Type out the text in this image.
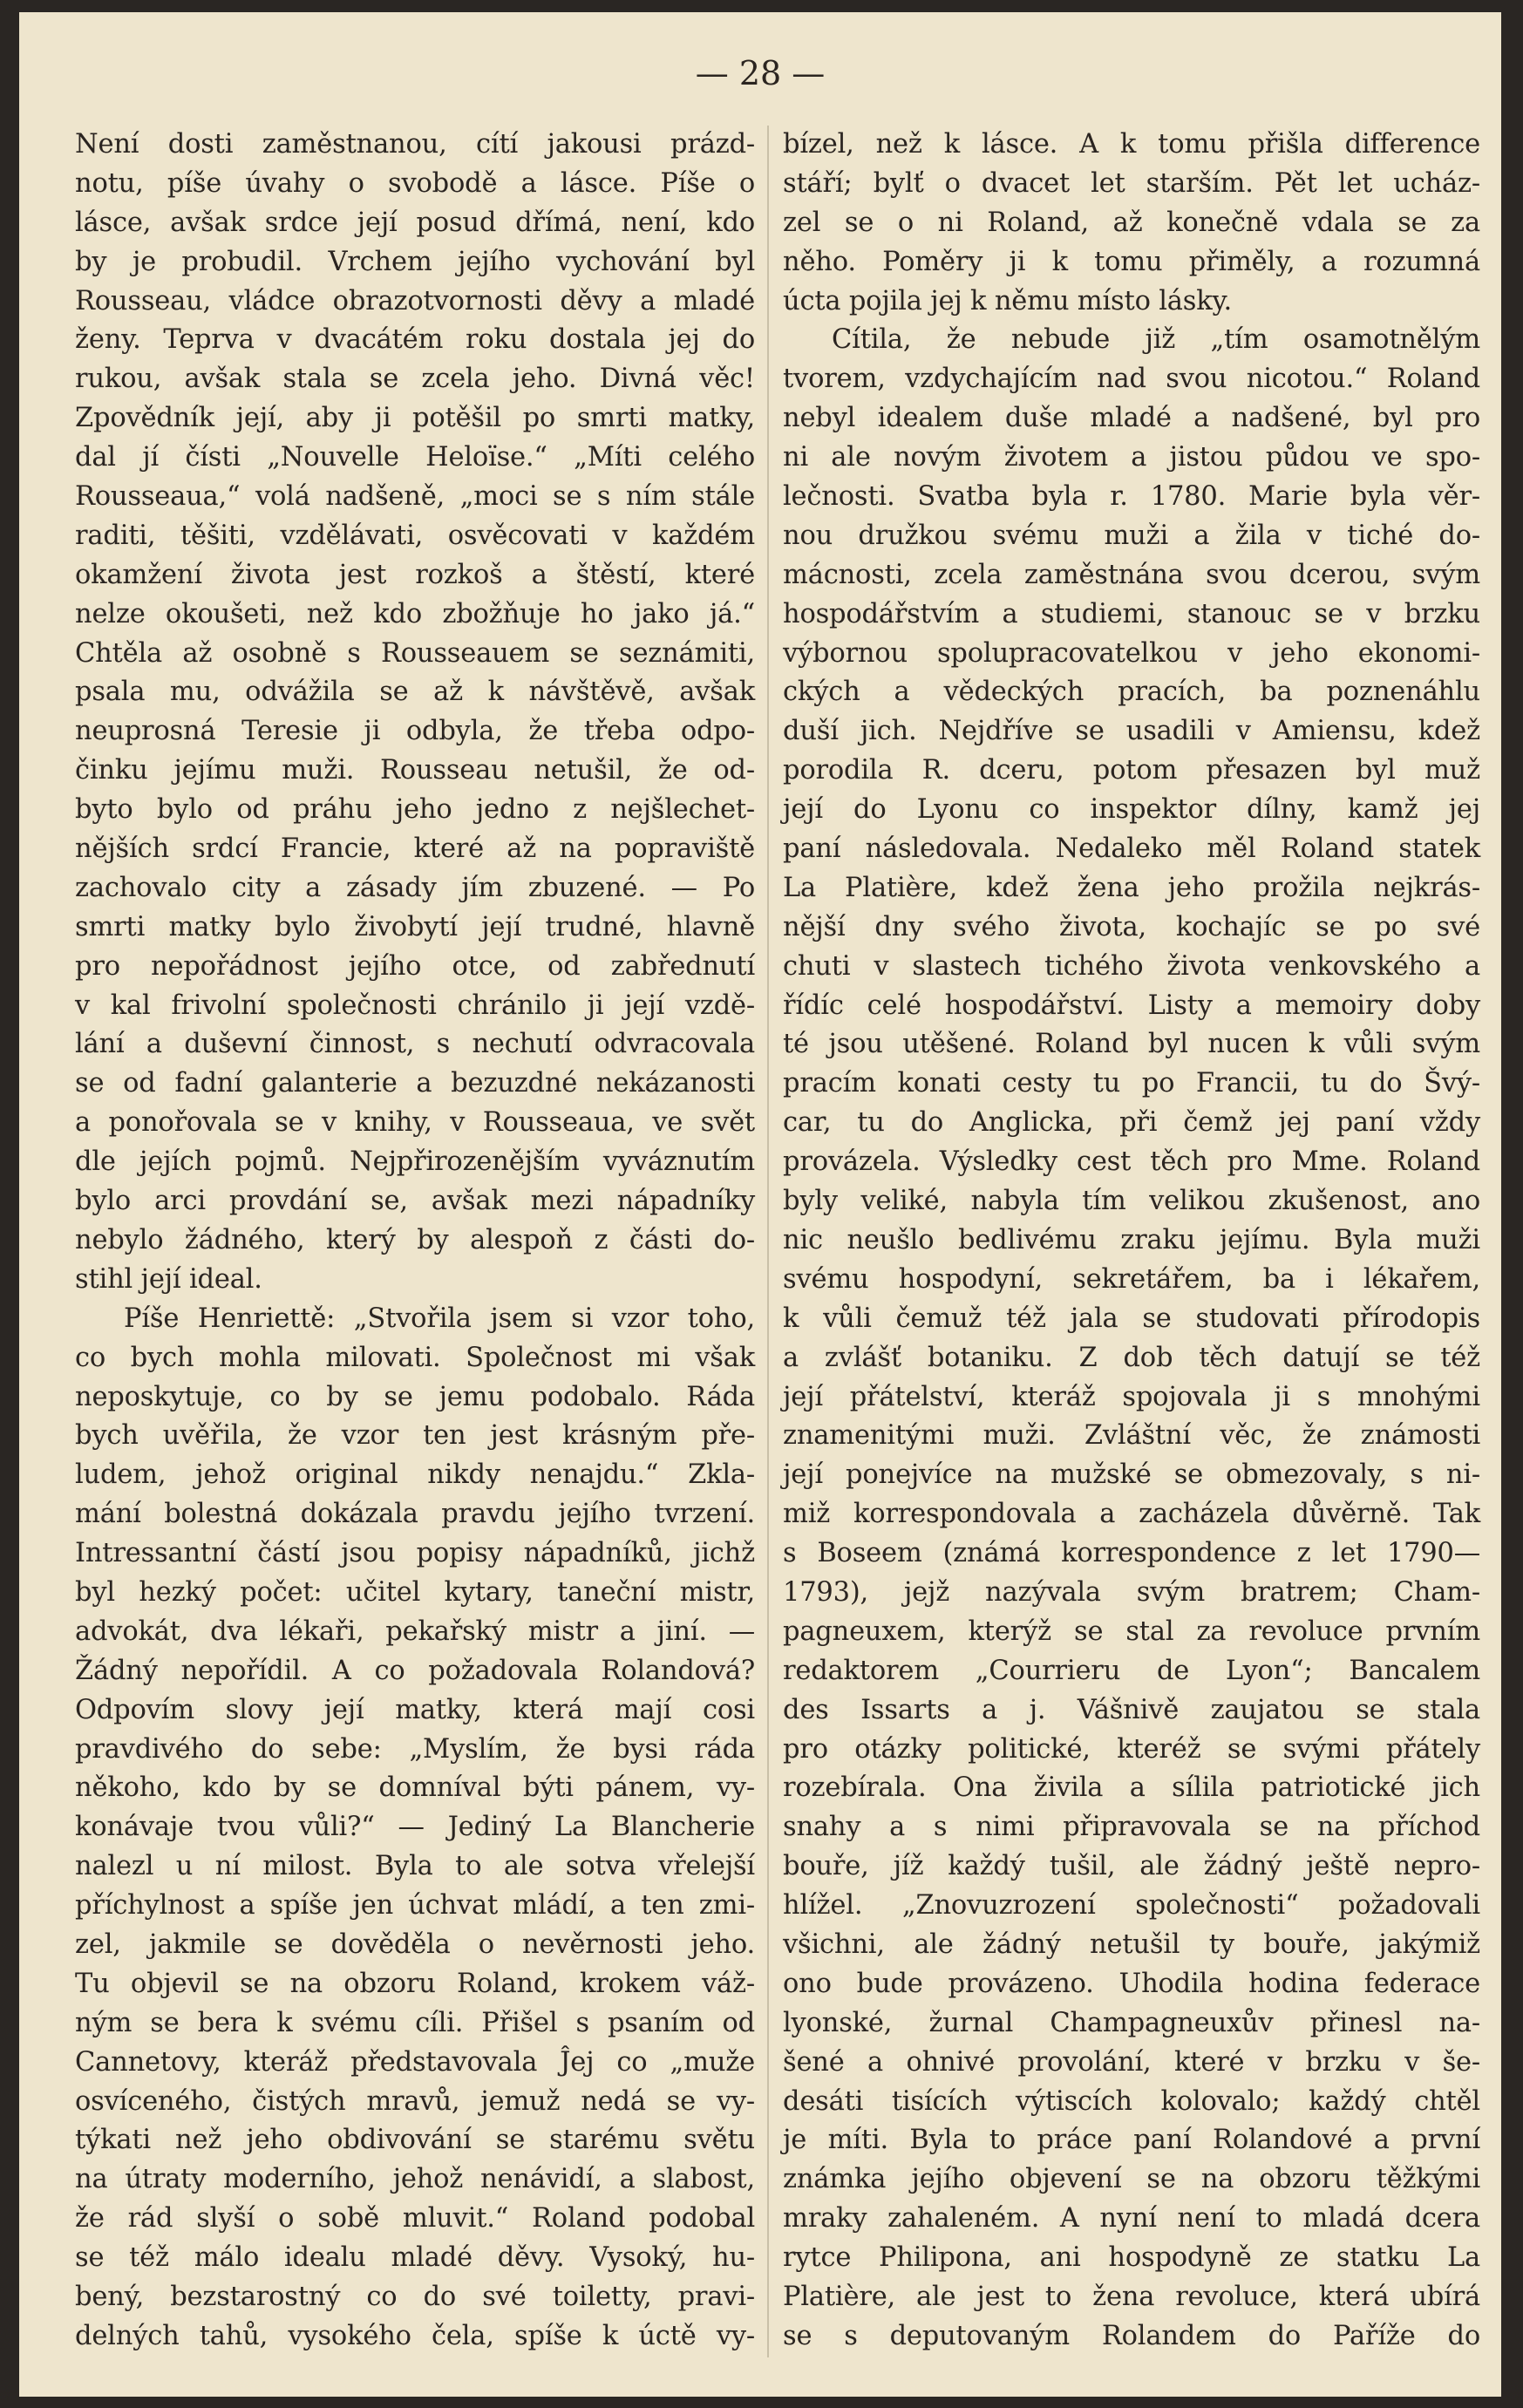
— 28 —
Není dosti zaměstnanou, cítí jakousi prázd-
notu, píše úvahy o svobodě a lásce. Píše o
lásce, avšak srdce její posud dřímá, není, kdo
by je probudil. Vrchem jejího vychování byl
Rousseau, vládce obrazotvornosti děvy a mladé
ženy. Teprva v dvacátém roku dostala jej do
rukou, avšak stala se zcela jeho. Divná věc!
Zpovědník její, aby ji potěšil po smrti matky,
dal jí čísti „Nouvelle Heloïse.“ „Míti celého
Rousseaua,“ volá nadšeně, „moci se s ním stále
raditi, těšiti, vzdělávati, osvěcovati v každém
okamžení života jest rozkoš a štěstí, které
nelze okoušeti, než kdo zbožňuje ho jako já.“
Chtěla až osobně s Rousseauem se seznámiti,
psala mu, odvážila se až k návštěvě, avšak
neuprosná Teresie ji odbyla, že třeba odpo-
činku jejímu muži. Rousseau netušil, že od-
byto bylo od práhu jeho jedno z nejšlechet-
nějších srdcí Francie, které až na popraviště
zachovalo city a zásady jím zbuzené. — Po
smrti matky bylo živobytí její trudné, hlavně
pro nepořádnost jejího otce, od zabřednutí
v kal frivolní společnosti chránilo ji její vzdě-
lání a duševní činnost, s nechutí odvracovala
se od fadní galanterie a bezuzdné nekázanosti
a ponořovala se v knihy, v Rousseaua, ve svět
dle jejích pojmů. Nejpřirozenějším vyváznutím
bylo arci provdání se, avšak mezi nápadníky
nebylo žádného, který by alespoň z části do-
stihl její ideal.
Píše Henriettě: „Stvořila jsem si vzor toho,
co bych mohla milovati. Společnost mi však
neposkytuje, co by se jemu podobalo. Ráda
bych uvěřila, že vzor ten jest krásným pře-
ludem, jehož original nikdy nenajdu.“ Zkla-
mání bolestná dokázala pravdu jejího tvrzení.
Intressantní částí jsou popisy nápadníků, jichž
byl hezký počet: učitel kytary, taneční mistr,
advokát, dva lékaři, pekařský mistr a jiní. —
Žádný nepořídil. A co požadovala Rolandová?
Odpovím slovy její matky, která mají cosi
pravdivého do sebe: „Myslím, že bysi ráda
někoho, kdo by se domníval býti pánem, vy-
konávaje tvou vůli?“ — Jediný La Blancherie
nalezl u ní milost. Byla to ale sotva vřelejší
příchylnost a spíše jen úchvat mládí, a ten zmi-
zel, jakmile se dověděla o nevěrnosti jeho.
Tu objevil se na obzoru Roland, krokem váž-
ným se bera k svému cíli. Přišel s psaním od
Cannetovy, kteráž představovala Ĵej co „muže
osvíceného, čistých mravů, jemuž nedá se vy-
týkati než jeho obdivování se starému světu
na útraty moderního, jehož nenávidí, a slabost,
že rád slyší o sobě mluvit.“ Roland podobal
se též málo idealu mladé děvy. Vysoký, hu-
bený, bezstarostný co do své toiletty, pravi-
delných tahů, vysokého čela, spíše k úctě vy-
bízel, než k lásce. A k tomu přišla difference
stáří; bylť o dvacet let starším. Pět let ucház-
zel se o ni Roland, až konečně vdala se za
něho. Poměry ji k tomu přiměly, a rozumná
úcta pojila jej k němu místo lásky.
Cítila, že nebude již „tím osamotnělým
tvorem, vzdychajícím nad svou nicotou.“ Roland
nebyl idealem duše mladé a nadšené, byl pro
ni ale novým životem a jistou půdou ve spo-
lečnosti. Svatba byla r. 1780. Marie byla věr-
nou družkou svému muži a žila v tiché do-
mácnosti, zcela zaměstnána svou dcerou, svým
hospodářstvím a studiemi, stanouc se v brzku
výbornou spolupracovatelkou v jeho ekonomi-
ckých a vědeckých pracích, ba poznenáhlu
duší jich. Nejdříve se usadili v Amiensu, kdež
porodila R. dceru, potom přesazen byl muž
její do Lyonu co inspektor dílny, kamž jej
paní následovala. Nedaleko měl Roland statek
La Platière, kdež žena jeho prožila nejkrás-
nější dny svého života, kochajíc se po své
chuti v slastech tichého života venkovského a
řídíc celé hospodářství. Listy a memoiry doby
té jsou utěšené. Roland byl nucen k vůli svým
pracím konati cesty tu po Francii, tu do Švý-
car, tu do Anglicka, při čemž jej paní vždy
provázela. Výsledky cest těch pro Mme. Roland
byly veliké, nabyla tím velikou zkušenost, ano
nic neušlo bedlivému zraku jejímu. Byla muži
svému hospodyní, sekretářem, ba i lékařem,
k vůli čemuž též jala se studovati přírodopis
a zvlášť botaniku. Z dob těch datují se též
její přátelství, kteráž spojovala ji s mnohými
znamenitými muži. Zvláštní věc, že známosti
její ponejvíce na mužské se obmezovaly, s ni-
miž korrespondovala a zacházela důvěrně. Tak
s Boseem (známá korrespondence z let 1790—
1793), jejž nazývala svým bratrem; Cham-
pagneuxem, kterýž se stal za revoluce prvním
redaktorem „Courrieru de Lyon“; Bancalem
des Issarts a j. Vášnivě zaujatou se stala
pro otázky politické, kteréž se svými přátely
rozebírala. Ona živila a sílila patriotické jich
snahy a s nimi připravovala se na příchod
bouře, jíž každý tušil, ale žádný ještě nepro-
hlížel. „Znovuzrození společnosti“ požadovali
všichni, ale žádný netušil ty bouře, jakýmiž
ono bude provázeno. Uhodila hodina federace
lyonské, žurnal Champagneuxův přinesl na-
šené a ohnivé provolání, které v brzku v še-
desáti tisících výtiscích kolovalo; každý chtěl
je míti. Byla to práce paní Rolandové a první
známka jejího objevení se na obzoru těžkými
mraky zahaleném. A nyní není to mladá dcera
rytce Philipona, ani hospodyně ze statku La
Platière, ale jest to žena revoluce, která ubírá
se s deputovaným Rolandem do Paříže do
